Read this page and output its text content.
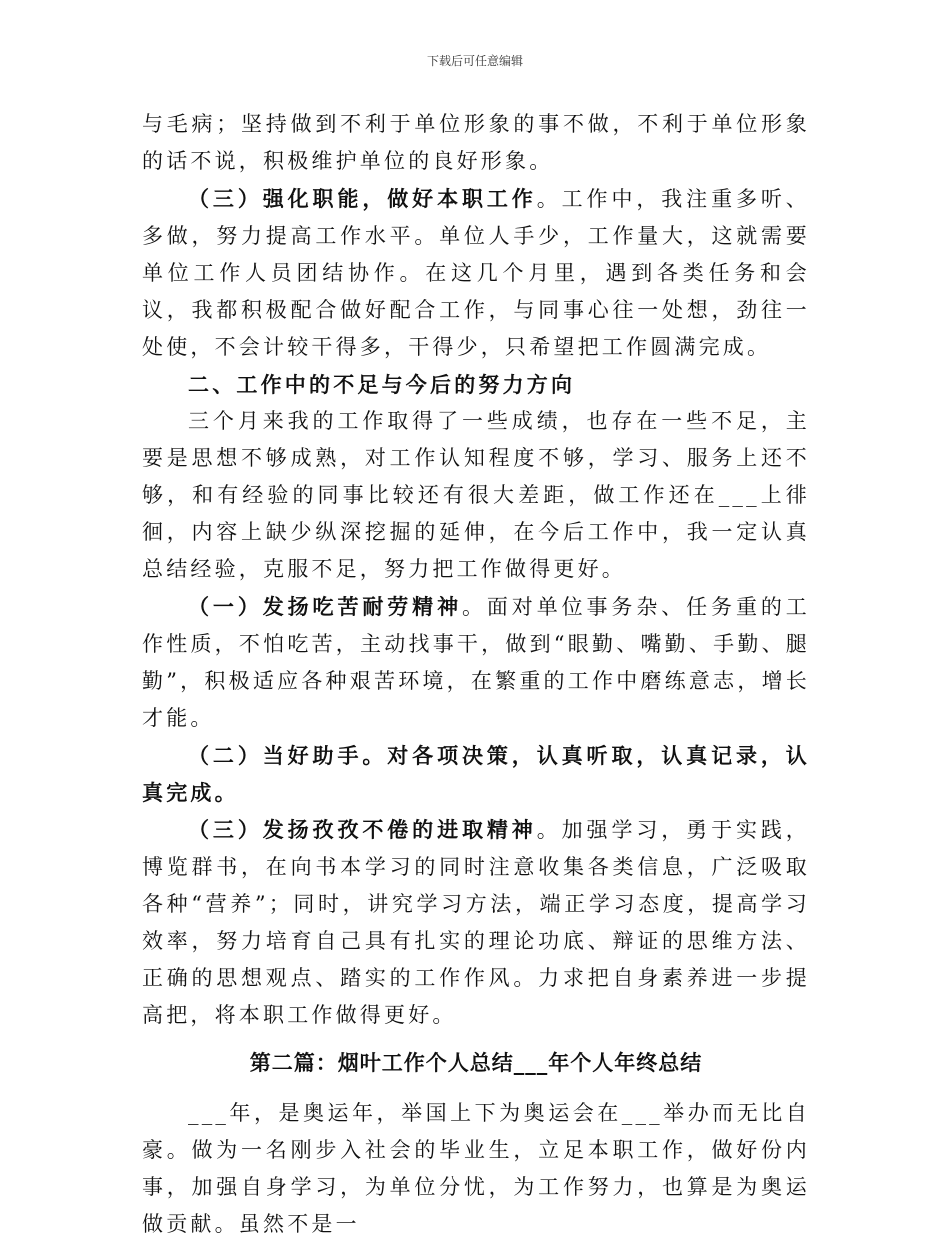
下载后可任意编辑

与毛病；坚持做到不利于单位形象的事不做，不利于单位形象的话不说，积极维护单位的良好形象。

（三）强化职能，做好本职工作。工作中，我注重多听、多做，努力提高工作水平。单位人手少，工作量大，这就需要单位工作人员团结协作。在这几个月里，遇到各类任务和会议，我都积极配合做好配合工作，与同事心往一处想，劲往一处使，不会计较干得多，干得少，只希望把工作圆满完成。

二、工作中的不足与今后的努力方向

三个月来我的工作取得了一些成绩，也存在一些不足，主要是思想不够成熟，对工作认知程度不够，学习、服务上还不够，和有经验的同事比较还有很大差距，做工作还在___上徘徊，内容上缺少纵深挖掘的延伸，在今后工作中，我一定认真总结经验，克服不足，努力把工作做得更好。

（一）发扬吃苦耐劳精神。面对单位事务杂、任务重的工作性质，不怕吃苦，主动找事干，做到“眼勤、嘴勤、手勤、腿勤”，积极适应各种艰苦环境，在繁重的工作中磨练意志，增长才能。

（二）当好助手。对各项决策，认真听取，认真记录，认真完成。

（三）发扬孜孜不倦的进取精神。加强学习，勇于实践，博览群书，在向书本学习的同时注意收集各类信息，广泛吸取各种“营养”；同时，讲究学习方法，端正学习态度，提高学习效率，努力培育自己具有扎实的理论功底、辩证的思维方法、正确的思想观点、踏实的工作作风。力求把自身素养进一步提高把，将本职工作做得更好。

第二篇：烟叶工作个人总结___年个人年终总结

___年，是奥运年，举国上下为奥运会在___举办而无比自豪。做为一名刚步入社会的毕业生，立足本职工作，做好份内事，加强自身学习，为单位分忧，为工作努力，也算是为奥运做贡献。虽然不是一
